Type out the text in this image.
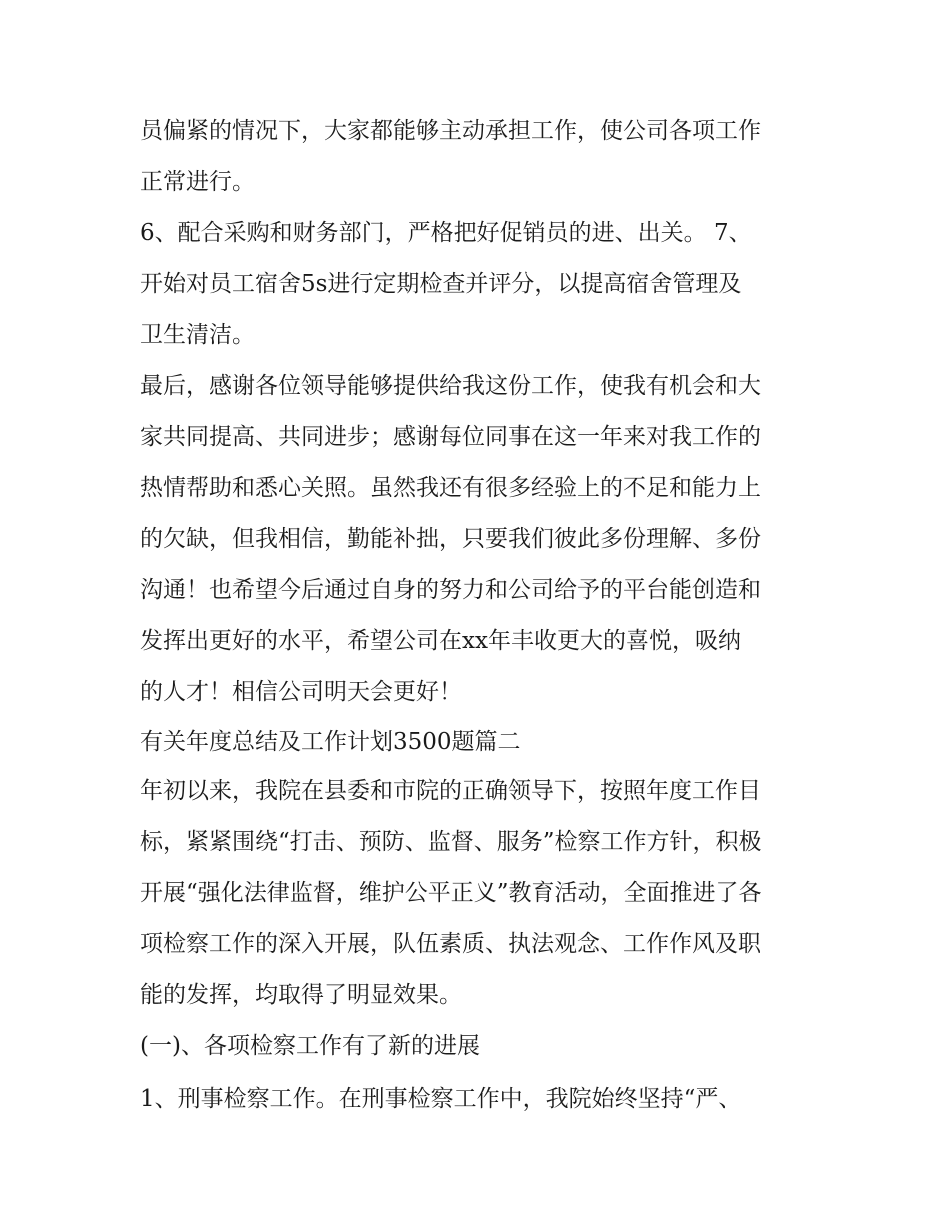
员偏紧的情况下，大家都能够主动承担工作，使公司各项工作
正常进行。
6、配合采购和财务部门，严格把好促销员的进、出关。 7、
开始对员工宿舍5s进行定期检查并评分，以提高宿舍管理及
卫生清洁。
最后，感谢各位领导能够提供给我这份工作，使我有机会和大
家共同提高、共同进步；感谢每位同事在这一年来对我工作的
热情帮助和悉心关照。虽然我还有很多经验上的不足和能力上
的欠缺，但我相信，勤能补拙，只要我们彼此多份理解、多份
沟通！也希望今后通过自身的努力和公司给予的平台能创造和
发挥出更好的水平，希望公司在xx年丰收更大的喜悦，吸纳
的人才！相信公司明天会更好！
有关年度总结及工作计划3500题篇二
年初以来，我院在县委和市院的正确领导下，按照年度工作目
标，紧紧围绕“打击、预防、监督、服务”检察工作方针，积极
开展“强化法律监督，维护公平正义”教育活动，全面推进了各
项检察工作的深入开展，队伍素质、执法观念、工作作风及职
能的发挥，均取得了明显效果。
(一)、各项检察工作有了新的进展
1、刑事检察工作。在刑事检察工作中，我院始终坚持“严、
